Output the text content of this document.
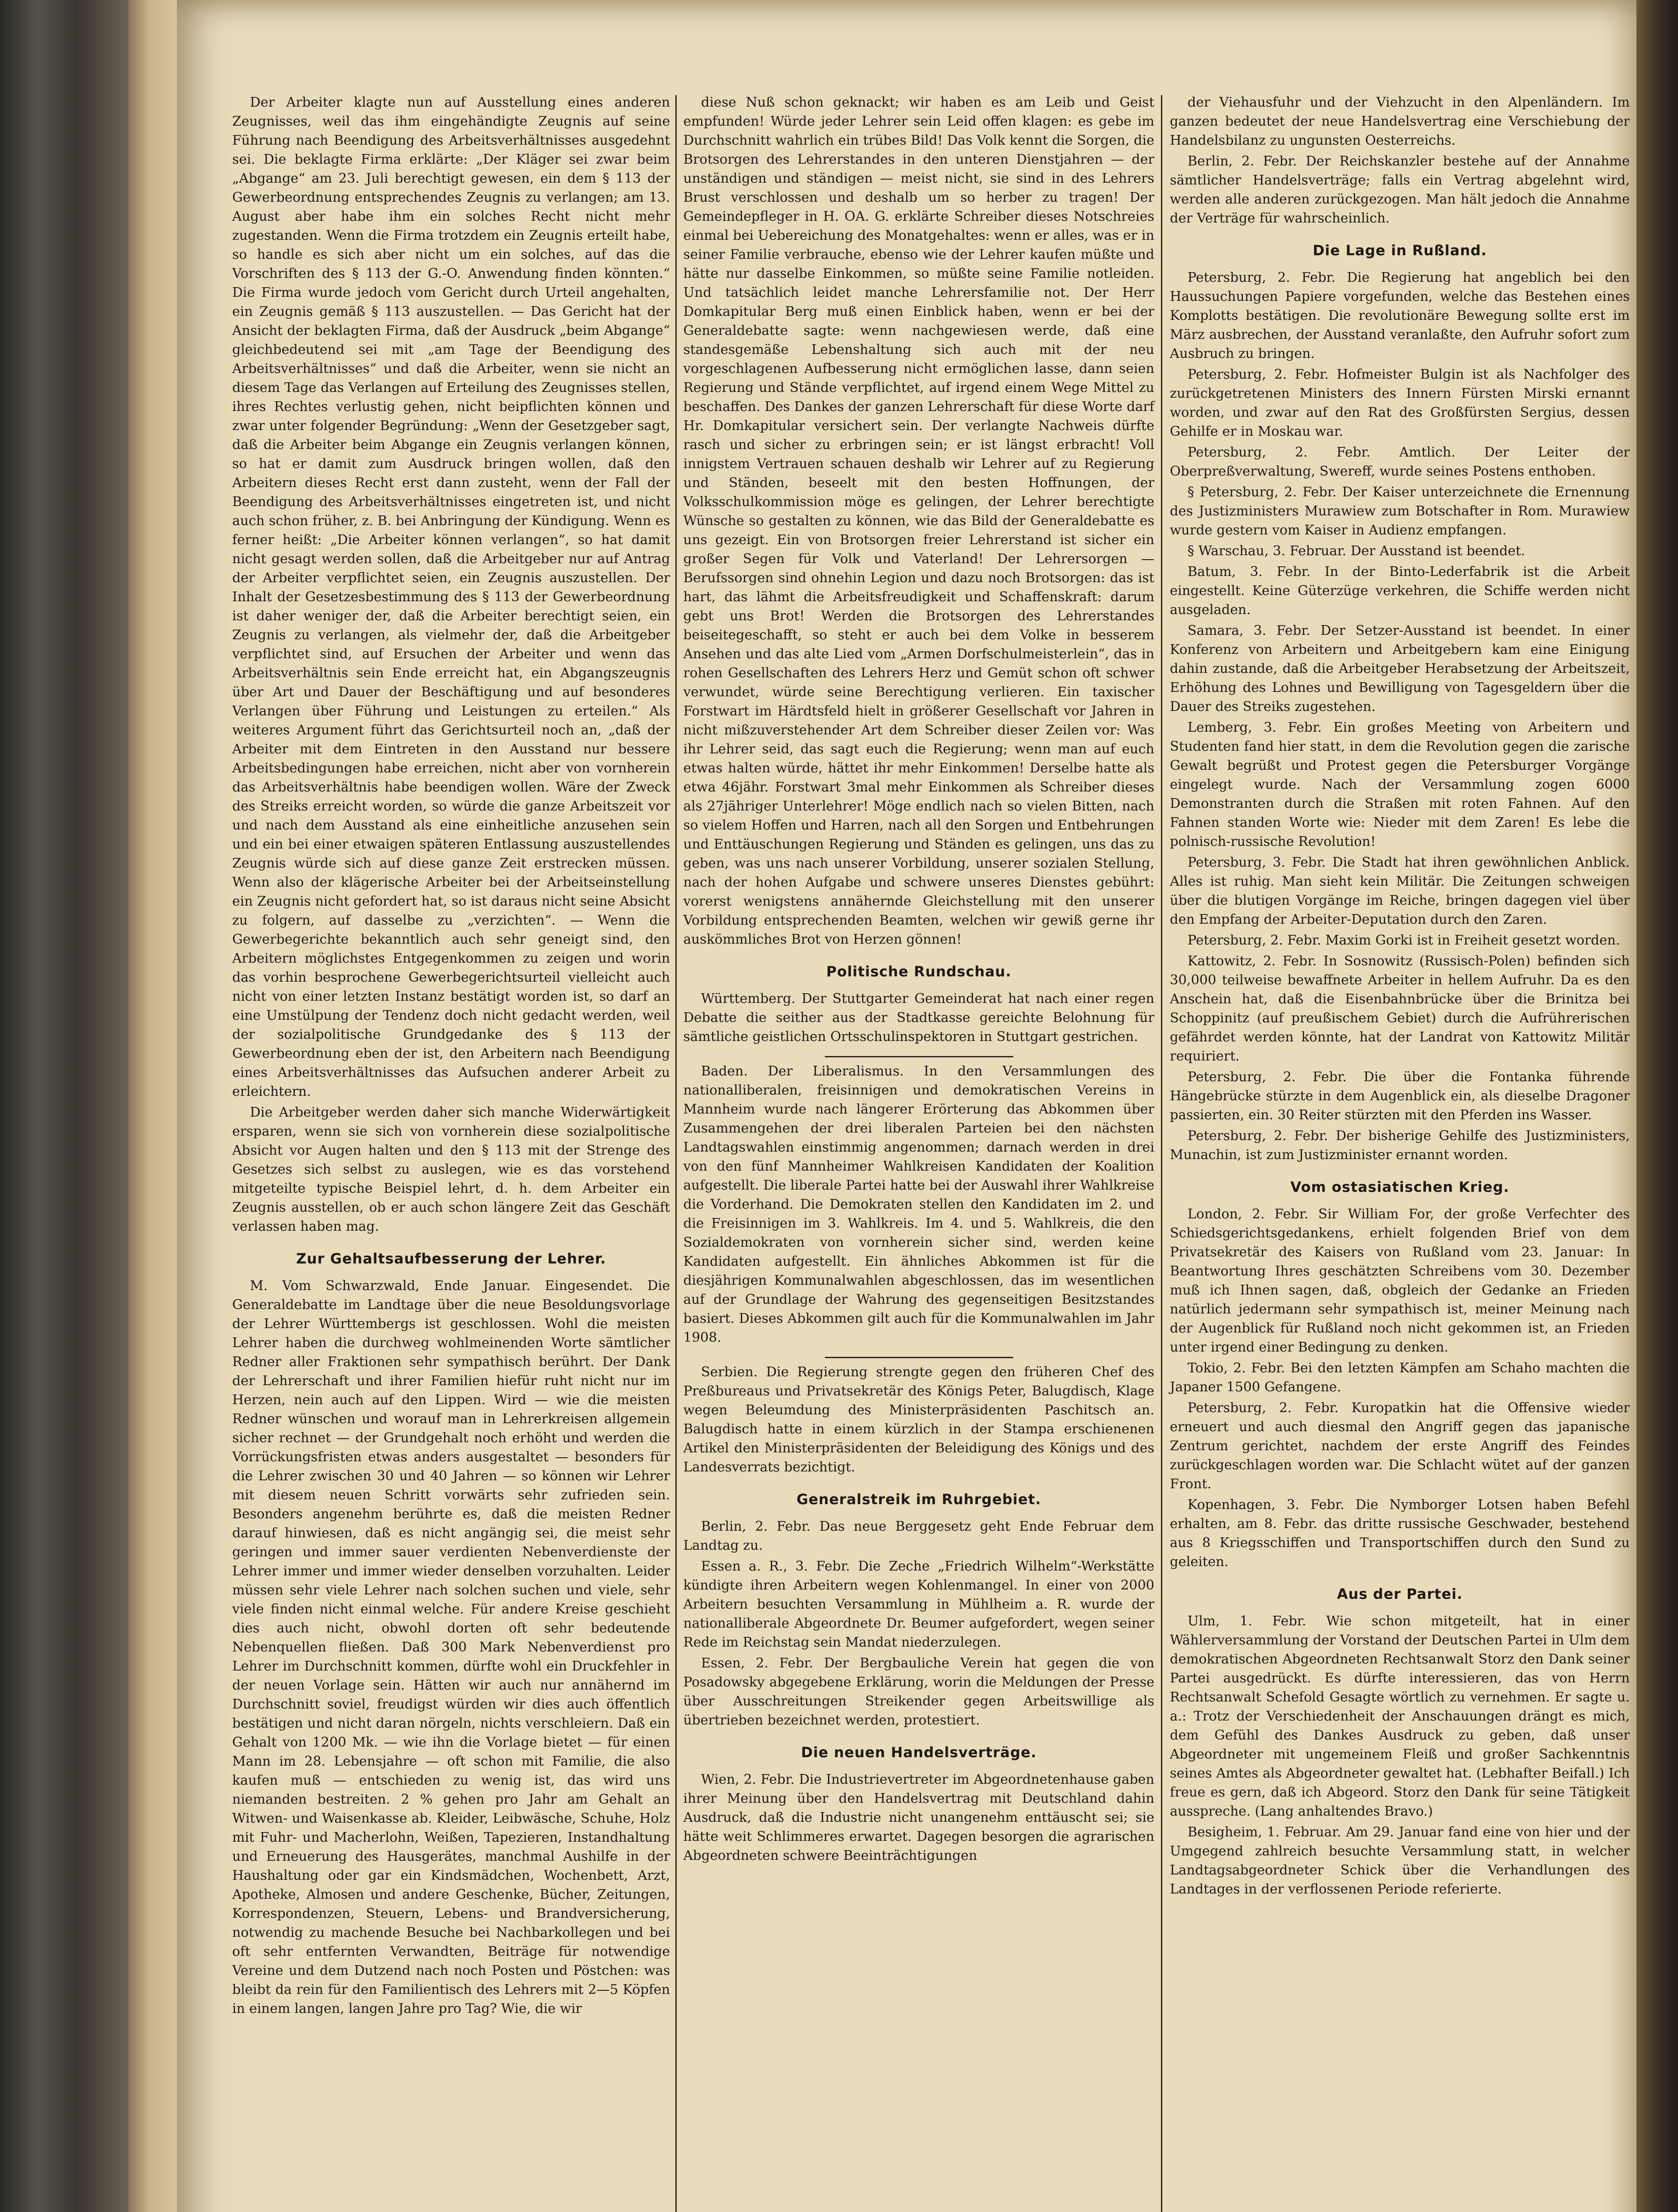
Der Arbeiter klagte nun auf Ausstellung eines anderen Zeugnisses, weil das ihm eingehändigte Zeugnis auf seine Führung nach Beendigung des Arbeitsverhältnisses ausgedehnt sei. Die beklagte Firma erklärte: „Der Kläger sei zwar beim „Abgange“ am 23. Juli berechtigt gewesen, ein dem § 113 der Gewerbeordnung entsprechendes Zeugnis zu verlangen; am 13. August aber habe ihm ein solches Recht nicht mehr zugestanden. Wenn die Firma trotzdem ein Zeugnis erteilt habe, so handle es sich aber nicht um ein solches, auf das die Vorschriften des § 113 der G.-O. Anwendung finden könnten.“ Die Firma wurde jedoch vom Gericht durch Urteil angehalten, ein Zeugnis gemäß § 113 auszustellen. — Das Gericht hat der Ansicht der beklagten Firma, daß der Ausdruck „beim Abgange“ gleichbedeutend sei mit „am Tage der Beendigung des Arbeitsverhältnisses“ und daß die Arbeiter, wenn sie nicht an diesem Tage das Verlangen auf Erteilung des Zeugnisses stellen, ihres Rechtes verlustig gehen, nicht beipflichten können und zwar unter folgender Begründung: „Wenn der Gesetzgeber sagt, daß die Arbeiter beim Abgange ein Zeugnis verlangen können, so hat er damit zum Ausdruck bringen wollen, daß den Arbeitern dieses Recht erst dann zusteht, wenn der Fall der Beendigung des Arbeitsverhältnisses eingetreten ist, und nicht auch schon früher, z. B. bei Anbringung der Kündigung. Wenn es ferner heißt: „Die Arbeiter können verlangen“, so hat damit nicht gesagt werden sollen, daß die Arbeitgeber nur auf Antrag der Arbeiter verpflichtet seien, ein Zeugnis auszustellen. Der Inhalt der Gesetzesbestimmung des § 113 der Gewerbeordnung ist daher weniger der, daß die Arbeiter berechtigt seien, ein Zeugnis zu verlangen, als vielmehr der, daß die Arbeitgeber verpflichtet sind, auf Ersuchen der Arbeiter und wenn das Arbeitsverhältnis sein Ende erreicht hat, ein Abgangszeugnis über Art und Dauer der Beschäftigung und auf besonderes Verlangen über Führung und Leistungen zu erteilen.“ Als weiteres Argument führt das Gerichtsurteil noch an, „daß der Arbeiter mit dem Eintreten in den Ausstand nur bessere Arbeitsbedingungen habe erreichen, nicht aber von vornherein das Arbeitsverhältnis habe beendigen wollen. Wäre der Zweck des Streiks erreicht worden, so würde die ganze Arbeitszeit vor und nach dem Ausstand als eine einheitliche anzusehen sein und ein bei einer etwaigen späteren Entlassung auszustellendes Zeugnis würde sich auf diese ganze Zeit erstrecken müssen. Wenn also der klägerische Arbeiter bei der Arbeitseinstellung ein Zeugnis nicht gefordert hat, so ist daraus nicht seine Absicht zu folgern, auf dasselbe zu „verzichten“. — Wenn die Gewerbegerichte bekanntlich auch sehr geneigt sind, den Arbeitern möglichstes Entgegenkommen zu zeigen und worin das vorhin besprochene Gewerbegerichtsurteil vielleicht auch nicht von einer letzten Instanz bestätigt worden ist, so darf an eine Umstülpung der Tendenz doch nicht gedacht werden, weil der sozialpolitische Grundgedanke des § 113 der Gewerbeordnung eben der ist, den Arbeitern nach Beendigung eines Arbeitsverhältnisses das Aufsuchen anderer Arbeit zu erleichtern.

Die Arbeitgeber werden daher sich manche Widerwärtigkeit ersparen, wenn sie sich von vornherein diese sozialpolitische Absicht vor Augen halten und den § 113 mit der Strenge des Gesetzes sich selbst zu auslegen, wie es das vorstehend mitgeteilte typische Beispiel lehrt, d. h. dem Arbeiter ein Zeugnis ausstellen, ob er auch schon längere Zeit das Geschäft verlassen haben mag.

Zur Gehaltsaufbesserung der Lehrer.

M. Vom Schwarzwald, Ende Januar. Eingesendet. Die Generaldebatte im Landtage über die neue Besoldungsvorlage der Lehrer Württembergs ist geschlossen. Wohl die meisten Lehrer haben die durchweg wohlmeinenden Worte sämtlicher Redner aller Fraktionen sehr sympathisch berührt. Der Dank der Lehrerschaft und ihrer Familien hiefür ruht nicht nur im Herzen, nein auch auf den Lippen. Wird — wie die meisten Redner wünschen und worauf man in Lehrerkreisen allgemein sicher rechnet — der Grundgehalt noch erhöht und werden die Vorrückungsfristen etwas anders ausgestaltet — besonders für die Lehrer zwischen 30 und 40 Jahren — so können wir Lehrer mit diesem neuen Schritt vorwärts sehr zufrieden sein. Besonders angenehm berührte es, daß die meisten Redner darauf hinwiesen, daß es nicht angängig sei, die meist sehr geringen und immer sauer verdienten Nebenverdienste der Lehrer immer und immer wieder denselben vorzuhalten. Leider müssen sehr viele Lehrer nach solchen suchen und viele, sehr viele finden nicht einmal welche. Für andere Kreise geschieht dies auch nicht, obwohl dorten oft sehr bedeutende Nebenquellen fließen. Daß 300 Mark Nebenverdienst pro Lehrer im Durchschnitt kommen, dürfte wohl ein Druckfehler in der neuen Vorlage sein. Hätten wir auch nur annähernd im Durchschnitt soviel, freudigst würden wir dies auch öffentlich bestätigen und nicht daran nörgeln, nichts verschleiern. Daß ein Gehalt von 1200 Mk. — wie ihn die Vorlage bietet — für einen Mann im 28. Lebensjahre — oft schon mit Familie, die also kaufen muß — entschieden zu wenig ist, das wird uns niemanden bestreiten. 2 % gehen pro Jahr am Gehalt an Witwen- und Waisenkasse ab. Kleider, Leibwäsche, Schuhe, Holz mit Fuhr- und Macherlohn, Weißen, Tapezieren, Instandhaltung und Erneuerung des Hausgerätes, manchmal Aushilfe in der Haushaltung oder gar ein Kindsmädchen, Wochenbett, Arzt, Apotheke, Almosen und andere Geschenke, Bücher, Zeitungen, Korrespondenzen, Steuern, Lebens- und Brandversicherung, notwendig zu machende Besuche bei Nachbarkollegen und bei oft sehr entfernten Verwandten, Beiträge für notwendige Vereine und dem Dutzend nach noch Posten und Pöstchen: was bleibt da rein für den Familientisch des Lehrers mit 2—5 Köpfen in einem langen, langen Jahre pro Tag? Wie, die wir

diese Nuß schon geknackt; wir haben es am Leib und Geist empfunden! Würde jeder Lehrer sein Leid offen klagen: es gebe im Durchschnitt wahrlich ein trübes Bild! Das Volk kennt die Sorgen, die Brotsorgen des Lehrerstandes in den unteren Dienstjahren — der unständigen und ständigen — meist nicht, sie sind in des Lehrers Brust verschlossen und deshalb um so herber zu tragen! Der Gemeindepfleger in H. OA. G. erklärte Schreiber dieses Notschreies einmal bei Uebereichung des Monatgehaltes: wenn er alles, was er in seiner Familie verbrauche, ebenso wie der Lehrer kaufen müßte und hätte nur dasselbe Einkommen, so müßte seine Familie notleiden. Und tatsächlich leidet manche Lehrersfamilie not. Der Herr Domkapitular Berg muß einen Einblick haben, wenn er bei der Generaldebatte sagte: wenn nachgewiesen werde, daß eine standesgemäße Lebenshaltung sich auch mit der neu vorgeschlagenen Aufbesserung nicht ermöglichen lasse, dann seien Regierung und Stände verpflichtet, auf irgend einem Wege Mittel zu beschaffen. Des Dankes der ganzen Lehrerschaft für diese Worte darf Hr. Domkapitular versichert sein. Der verlangte Nachweis dürfte rasch und sicher zu erbringen sein; er ist längst erbracht! Voll innigstem Vertrauen schauen deshalb wir Lehrer auf zu Regierung und Ständen, beseelt mit den besten Hoffnungen, der Volksschulkommission möge es gelingen, der Lehrer berechtigte Wünsche so gestalten zu können, wie das Bild der Generaldebatte es uns gezeigt. Ein von Brotsorgen freier Lehrerstand ist sicher ein großer Segen für Volk und Vaterland! Der Lehrersorgen — Berufssorgen sind ohnehin Legion und dazu noch Brotsorgen: das ist hart, das lähmt die Arbeitsfreudigkeit und Schaffenskraft: darum gebt uns Brot! Werden die Brotsorgen des Lehrerstandes beiseitegeschafft, so steht er auch bei dem Volke in besserem Ansehen und das alte Lied vom „Armen Dorfschulmeisterlein“, das in rohen Gesellschaften des Lehrers Herz und Gemüt schon oft schwer verwundet, würde seine Berechtigung verlieren. Ein taxischer Forstwart im Härdtsfeld hielt in größerer Gesellschaft vor Jahren in nicht mißzuverstehender Art dem Schreiber dieser Zeilen vor: Was ihr Lehrer seid, das sagt euch die Regierung; wenn man auf euch etwas halten würde, hättet ihr mehr Einkommen! Derselbe hatte als etwa 46jähr. Forstwart 3mal mehr Einkommen als Schreiber dieses als 27jähriger Unterlehrer! Möge endlich nach so vielen Bitten, nach so vielem Hoffen und Harren, nach all den Sorgen und Entbehrungen und Enttäuschungen Regierung und Ständen es gelingen, uns das zu geben, was uns nach unserer Vorbildung, unserer sozialen Stellung, nach der hohen Aufgabe und schwere unseres Dienstes gebührt: vorerst wenigstens annähernde Gleichstellung mit den unserer Vorbildung entsprechenden Beamten, welchen wir gewiß gerne ihr auskömmliches Brot von Herzen gönnen!

Politische Rundschau.

Württemberg. Der Stuttgarter Gemeinderat hat nach einer regen Debatte die seither aus der Stadtkasse gereichte Belohnung für sämtliche geistlichen Ortsschulinspektoren in Stuttgart gestrichen.

Baden. Der Liberalismus. In den Versammlungen des nationalliberalen, freisinnigen und demokratischen Vereins in Mannheim wurde nach längerer Erörterung das Abkommen über Zusammengehen der drei liberalen Parteien bei den nächsten Landtagswahlen einstimmig angenommen; darnach werden in drei von den fünf Mannheimer Wahlkreisen Kandidaten der Koalition aufgestellt. Die liberale Partei hatte bei der Auswahl ihrer Wahlkreise die Vorderhand. Die Demokraten stellen den Kandidaten im 2. und die Freisinnigen im 3. Wahlkreis. Im 4. und 5. Wahlkreis, die den Sozialdemokraten von vornherein sicher sind, werden keine Kandidaten aufgestellt. Ein ähnliches Abkommen ist für die diesjährigen Kommunalwahlen abgeschlossen, das im wesentlichen auf der Grundlage der Wahrung des gegenseitigen Besitzstandes basiert. Dieses Abkommen gilt auch für die Kommunalwahlen im Jahr 1908.

Serbien. Die Regierung strengte gegen den früheren Chef des Preßbureaus und Privatsekretär des Königs Peter, Balugdisch, Klage wegen Beleumdung des Ministerpräsidenten Paschitsch an. Balugdisch hatte in einem kürzlich in der Stampa erschienenen Artikel den Ministerpräsidenten der Beleidigung des Königs und des Landesverrats bezichtigt.

Generalstreik im Ruhrgebiet.

Berlin, 2. Febr. Das neue Berggesetz geht Ende Februar dem Landtag zu.

Essen a. R., 3. Febr. Die Zeche „Friedrich Wilhelm“-Werkstätte kündigte ihren Arbeitern wegen Kohlenmangel. In einer von 2000 Arbeitern besuchten Versammlung in Mühlheim a. R. wurde der nationalliberale Abgeordnete Dr. Beumer aufgefordert, wegen seiner Rede im Reichstag sein Mandat niederzulegen.

Essen, 2. Febr. Der Bergbauliche Verein hat gegen die von Posadowsky abgegebene Erklärung, worin die Meldungen der Presse über Ausschreitungen Streikender gegen Arbeitswillige als übertrieben bezeichnet werden, protestiert.

Die neuen Handelsverträge.

Wien, 2. Febr. Die Industrievertreter im Abgeordnetenhause gaben ihrer Meinung über den Handelsvertrag mit Deutschland dahin Ausdruck, daß die Industrie nicht unangenehm enttäuscht sei; sie hätte weit Schlimmeres erwartet. Dagegen besorgen die agrarischen Abgeordneten schwere Beeinträchtigungen

der Viehausfuhr und der Viehzucht in den Alpenländern. Im ganzen bedeutet der neue Handelsvertrag eine Verschiebung der Handelsbilanz zu ungunsten Oesterreichs.

Berlin, 2. Febr. Der Reichskanzler bestehe auf der Annahme sämtlicher Handelsverträge; falls ein Vertrag abgelehnt wird, werden alle anderen zurückgezogen. Man hält jedoch die Annahme der Verträge für wahrscheinlich.

Die Lage in Rußland.

Petersburg, 2. Febr. Die Regierung hat angeblich bei den Haussuchungen Papiere vorgefunden, welche das Bestehen eines Komplotts bestätigen. Die revolutionäre Bewegung sollte erst im März ausbrechen, der Ausstand veranlaßte, den Aufruhr sofort zum Ausbruch zu bringen.

Petersburg, 2. Febr. Hofmeister Bulgin ist als Nachfolger des zurückgetretenen Ministers des Innern Fürsten Mirski ernannt worden, und zwar auf den Rat des Großfürsten Sergius, dessen Gehilfe er in Moskau war.

Petersburg, 2. Febr. Amtlich. Der Leiter der Oberpreßverwaltung, Swereff, wurde seines Postens enthoben.

§ Petersburg, 2. Febr. Der Kaiser unterzeichnete die Ernennung des Justizministers Murawiew zum Botschafter in Rom. Murawiew wurde gestern vom Kaiser in Audienz empfangen.

§ Warschau, 3. Februar. Der Ausstand ist beendet.

Batum, 3. Febr. In der Binto-Lederfabrik ist die Arbeit eingestellt. Keine Güterzüge verkehren, die Schiffe werden nicht ausgeladen.

Samara, 3. Febr. Der Setzer-Ausstand ist beendet. In einer Konferenz von Arbeitern und Arbeitgebern kam eine Einigung dahin zustande, daß die Arbeitgeber Herabsetzung der Arbeitszeit, Erhöhung des Lohnes und Bewilligung von Tagesgeldern über die Dauer des Streiks zugestehen.

Lemberg, 3. Febr. Ein großes Meeting von Arbeitern und Studenten fand hier statt, in dem die Revolution gegen die zarische Gewalt begrüßt und Protest gegen die Petersburger Vorgänge eingelegt wurde. Nach der Versammlung zogen 6000 Demonstranten durch die Straßen mit roten Fahnen. Auf den Fahnen standen Worte wie: Nieder mit dem Zaren! Es lebe die polnisch-russische Revolution!

Petersburg, 3. Febr. Die Stadt hat ihren gewöhnlichen Anblick. Alles ist ruhig. Man sieht kein Militär. Die Zeitungen schweigen über die blutigen Vorgänge im Reiche, bringen dagegen viel über den Empfang der Arbeiter-Deputation durch den Zaren.

Petersburg, 2. Febr. Maxim Gorki ist in Freiheit gesetzt worden.

Kattowitz, 2. Febr. In Sosnowitz (Russisch-Polen) befinden sich 30,000 teilweise bewaffnete Arbeiter in hellem Aufruhr. Da es den Anschein hat, daß die Eisenbahnbrücke über die Brinitza bei Schoppinitz (auf preußischem Gebiet) durch die Aufrührerischen gefährdet werden könnte, hat der Landrat von Kattowitz Militär requiriert.

Petersburg, 2. Febr. Die über die Fontanka führende Hängebrücke stürzte in dem Augenblick ein, als dieselbe Dragoner passierten, ein. 30 Reiter stürzten mit den Pferden ins Wasser.

Petersburg, 2. Febr. Der bisherige Gehilfe des Justizministers, Munachin, ist zum Justizminister ernannt worden.

Vom ostasiatischen Krieg.

London, 2. Febr. Sir William For, der große Verfechter des Schiedsgerichtsgedankens, erhielt folgenden Brief von dem Privatsekretär des Kaisers von Rußland vom 23. Januar: In Beantwortung Ihres geschätzten Schreibens vom 30. Dezember muß ich Ihnen sagen, daß, obgleich der Gedanke an Frieden natürlich jedermann sehr sympathisch ist, meiner Meinung nach der Augenblick für Rußland noch nicht gekommen ist, an Frieden unter irgend einer Bedingung zu denken.

Tokio, 2. Febr. Bei den letzten Kämpfen am Schaho machten die Japaner 1500 Gefangene.

Petersburg, 2. Febr. Kuropatkin hat die Offensive wieder erneuert und auch diesmal den Angriff gegen das japanische Zentrum gerichtet, nachdem der erste Angriff des Feindes zurückgeschlagen worden war. Die Schlacht wütet auf der ganzen Front.

Kopenhagen, 3. Febr. Die Nymborger Lotsen haben Befehl erhalten, am 8. Febr. das dritte russische Geschwader, bestehend aus 8 Kriegsschiffen und Transportschiffen durch den Sund zu geleiten.

Aus der Partei.

Ulm, 1. Febr. Wie schon mitgeteilt, hat in einer Wählerversammlung der Vorstand der Deutschen Partei in Ulm dem demokratischen Abgeordneten Rechtsanwalt Storz den Dank seiner Partei ausgedrückt. Es dürfte interessieren, das von Herrn Rechtsanwalt Schefold Gesagte wörtlich zu vernehmen. Er sagte u. a.: Trotz der Verschiedenheit der Anschauungen drängt es mich, dem Gefühl des Dankes Ausdruck zu geben, daß unser Abgeordneter mit ungemeinem Fleiß und großer Sachkenntnis seines Amtes als Abgeordneter gewaltet hat. (Lebhafter Beifall.) Ich freue es gern, daß ich Abgeord. Storz den Dank für seine Tätigkeit ausspreche. (Lang anhaltendes Bravo.)

Besigheim, 1. Februar. Am 29. Januar fand eine von hier und der Umgegend zahlreich besuchte Versammlung statt, in welcher Landtagsabgeordneter Schick über die Verhandlungen des Landtages in der verflossenen Periode referierte.
